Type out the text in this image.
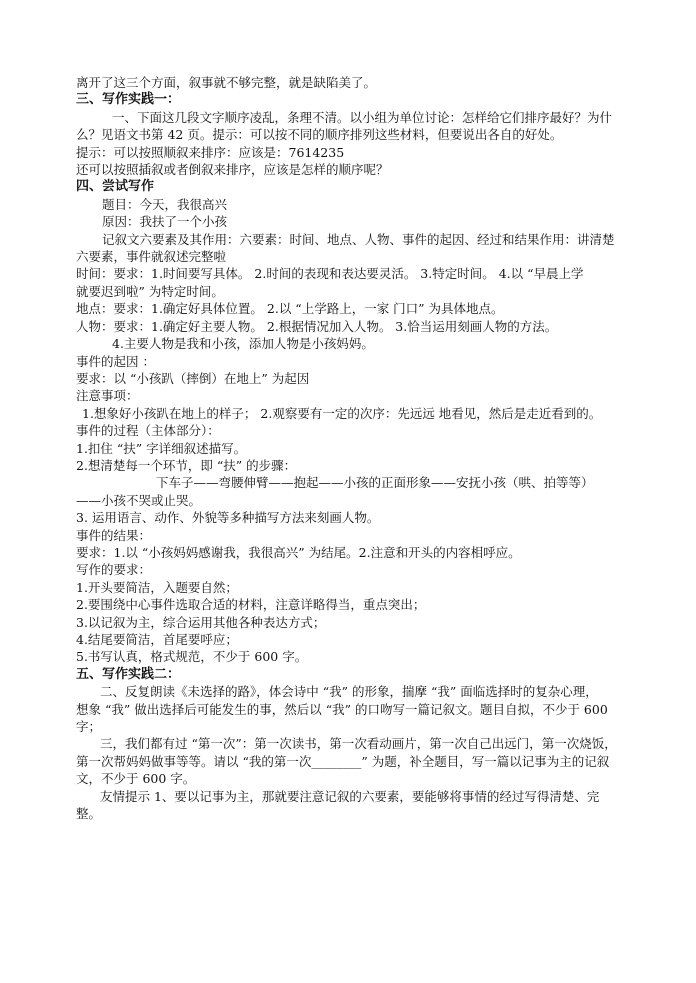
离开了这三个方面，叙事就不够完整，就是缺陷美了。

三、写作实践一：

一、下面这几段文字顺序凌乱，条理不清。以小组为单位讨论：怎样给它们排序最好？为什

么？见语文书第 42 页。提示：可以按不同的顺序排列这些材料，但要说出各自的好处。

提示：可以按照顺叙来排序：应该是：7614235

还可以按照插叙或者倒叙来排序，应该是怎样的顺序呢？

四、尝试写作

题目：今天，我很高兴

原因：我扶了一个小孩

记叙文六要素及其作用：六要素：时间、地点、人物、事件的起因、经过和结果作用：讲清楚

六要素，事件就叙述完整啦

时间：要求：1.时间要写具体。 2.时间的表现和表达要灵活。 3.特定时间。 4.以 “早晨上学

就要迟到啦” 为特定时间。

地点：要求：1.确定好具体位置。 2.以 “上学路上，一家 门口” 为具体地点。

人物：要求：1.确定好主要人物。 2.根据情况加入人物。 3.恰当运用刻画人物的方法。

4.主要人物是我和小孩，添加人物是小孩妈妈。

事件的起因 ：

要求：以 “小孩趴（摔倒）在地上” 为起因

注意事项：

1.想象好小孩趴在地上的样子； 2.观察要有一定的次序：先远远 地看见，然后是走近看到的。

事件的过程（主体部分）：

1.扣住 “扶” 字详细叙述描写。

2.想清楚每一个环节，即 “扶” 的步骤：

下车子——弯腰伸臂——抱起——小孩的正面形象——安抚小孩（哄、拍等等）

——小孩不哭或止哭。

3. 运用语言、动作、外貌等多种描写方法来刻画人物。

事件的结果：

要求：1.以 “小孩妈妈感谢我，我很高兴” 为结尾。2.注意和开头的内容相呼应。

写作的要求：

1.开头要简洁，入题要自然；

2.要围绕中心事件选取合适的材料，注意详略得当，重点突出；

3.以记叙为主，综合运用其他各种表达方式；

4.结尾要简洁，首尾要呼应；

5.书写认真，格式规范，不少于 600 字。

五、写作实践二：

二、反复朗读《未选择的路》，体会诗中 “我” 的形象，揣摩 “我” 面临选择时的复杂心理，

想象 “我” 做出选择后可能发生的事，然后以 “我” 的口吻写一篇记叙文。题目自拟，不少于 600

字；

三，我们都有过 “第一次”：第一次读书，第一次看动画片，第一次自己出远门，第一次烧饭，

第一次帮妈妈做事等等。请以 “我的第一次________” 为题，补全题目，写一篇以记事为主的记叙

文，不少于 600 字。

友情提示 1、要以记事为主，那就要注意记叙的六要素，要能够将事情的经过写得清楚、完

整。
